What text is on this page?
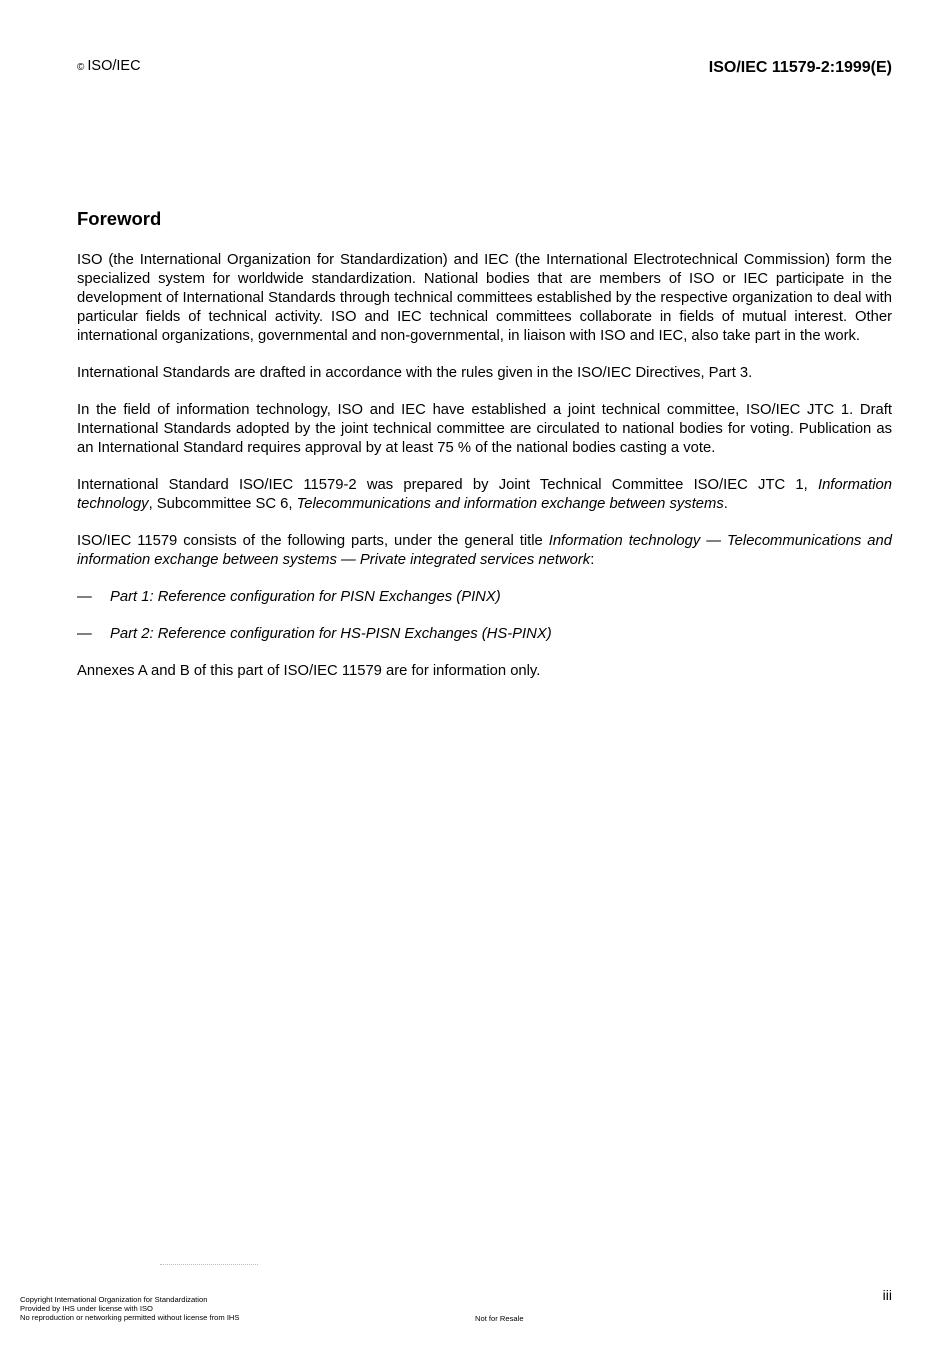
© ISO/IEC	ISO/IEC 11579-2:1999(E)
Foreword

ISO (the International Organization for Standardization) and IEC (the International Electrotechnical Commission) form the specialized system for worldwide standardization. National bodies that are members of ISO or IEC participate in the development of International Standards through technical committees established by the respective organization to deal with particular fields of technical activity. ISO and IEC technical committees collaborate in fields of mutual interest. Other international organizations, governmental and non-governmental, in liaison with ISO and IEC, also take part in the work.

International Standards are drafted in accordance with the rules given in the ISO/IEC Directives, Part 3.

In the field of information technology, ISO and IEC have established a joint technical committee, ISO/IEC JTC 1. Draft International Standards adopted by the joint technical committee are circulated to national bodies for voting. Publication as an International Standard requires approval by at least 75 % of the national bodies casting a vote.

International Standard ISO/IEC 11579-2 was prepared by Joint Technical Committee ISO/IEC JTC 1, Information technology, Subcommittee SC 6, Telecommunications and information exchange between systems.

ISO/IEC 11579 consists of the following parts, under the general title Information technology — Telecommunications and information exchange between systems — Private integrated services network:

— Part 1: Reference configuration for PISN Exchanges (PINX)
— Part 2: Reference configuration for HS-PISN Exchanges (HS-PINX)

Annexes A and B of this part of ISO/IEC 11579 are for information only.

iii
Copyright International Organization for Standardization
Provided by IHS under license with ISO
No reproduction or networking permitted without license from IHS	Not for Resale
